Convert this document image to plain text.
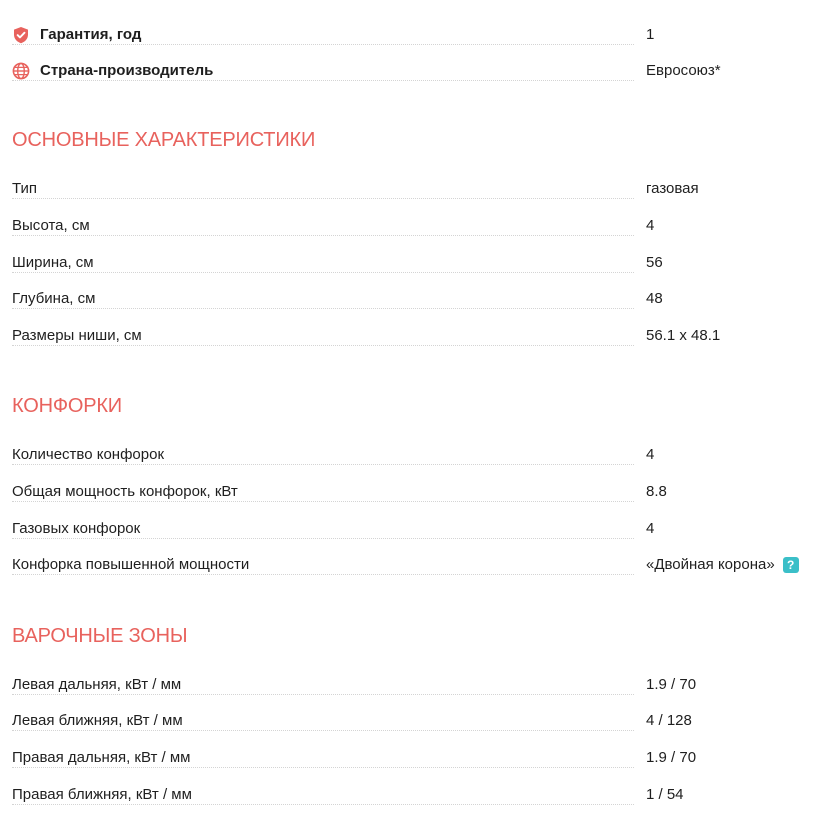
Гарантия, год	1
Страна-производитель	Евросоюз*
ОСНОВНЫЕ ХАРАКТЕРИСТИКИ
Тип	газовая
Высота, см	4
Ширина, см	56
Глубина, см	48
Размеры ниши, см	56.1 x 48.1
КОНФОРКИ
Количество конфорок	4
Общая мощность конфорок, кВт	8.8
Газовых конфорок	4
Конфорка повышенной мощности	«Двойная корона»	?
ВАРОЧНЫЕ ЗОНЫ
Левая дальняя, кВт / мм	1.9 / 70
Левая ближняя, кВт / мм	4 / 128
Правая дальняя, кВт / мм	1.9 / 70
Правая ближняя, кВт / мм	1 / 54
